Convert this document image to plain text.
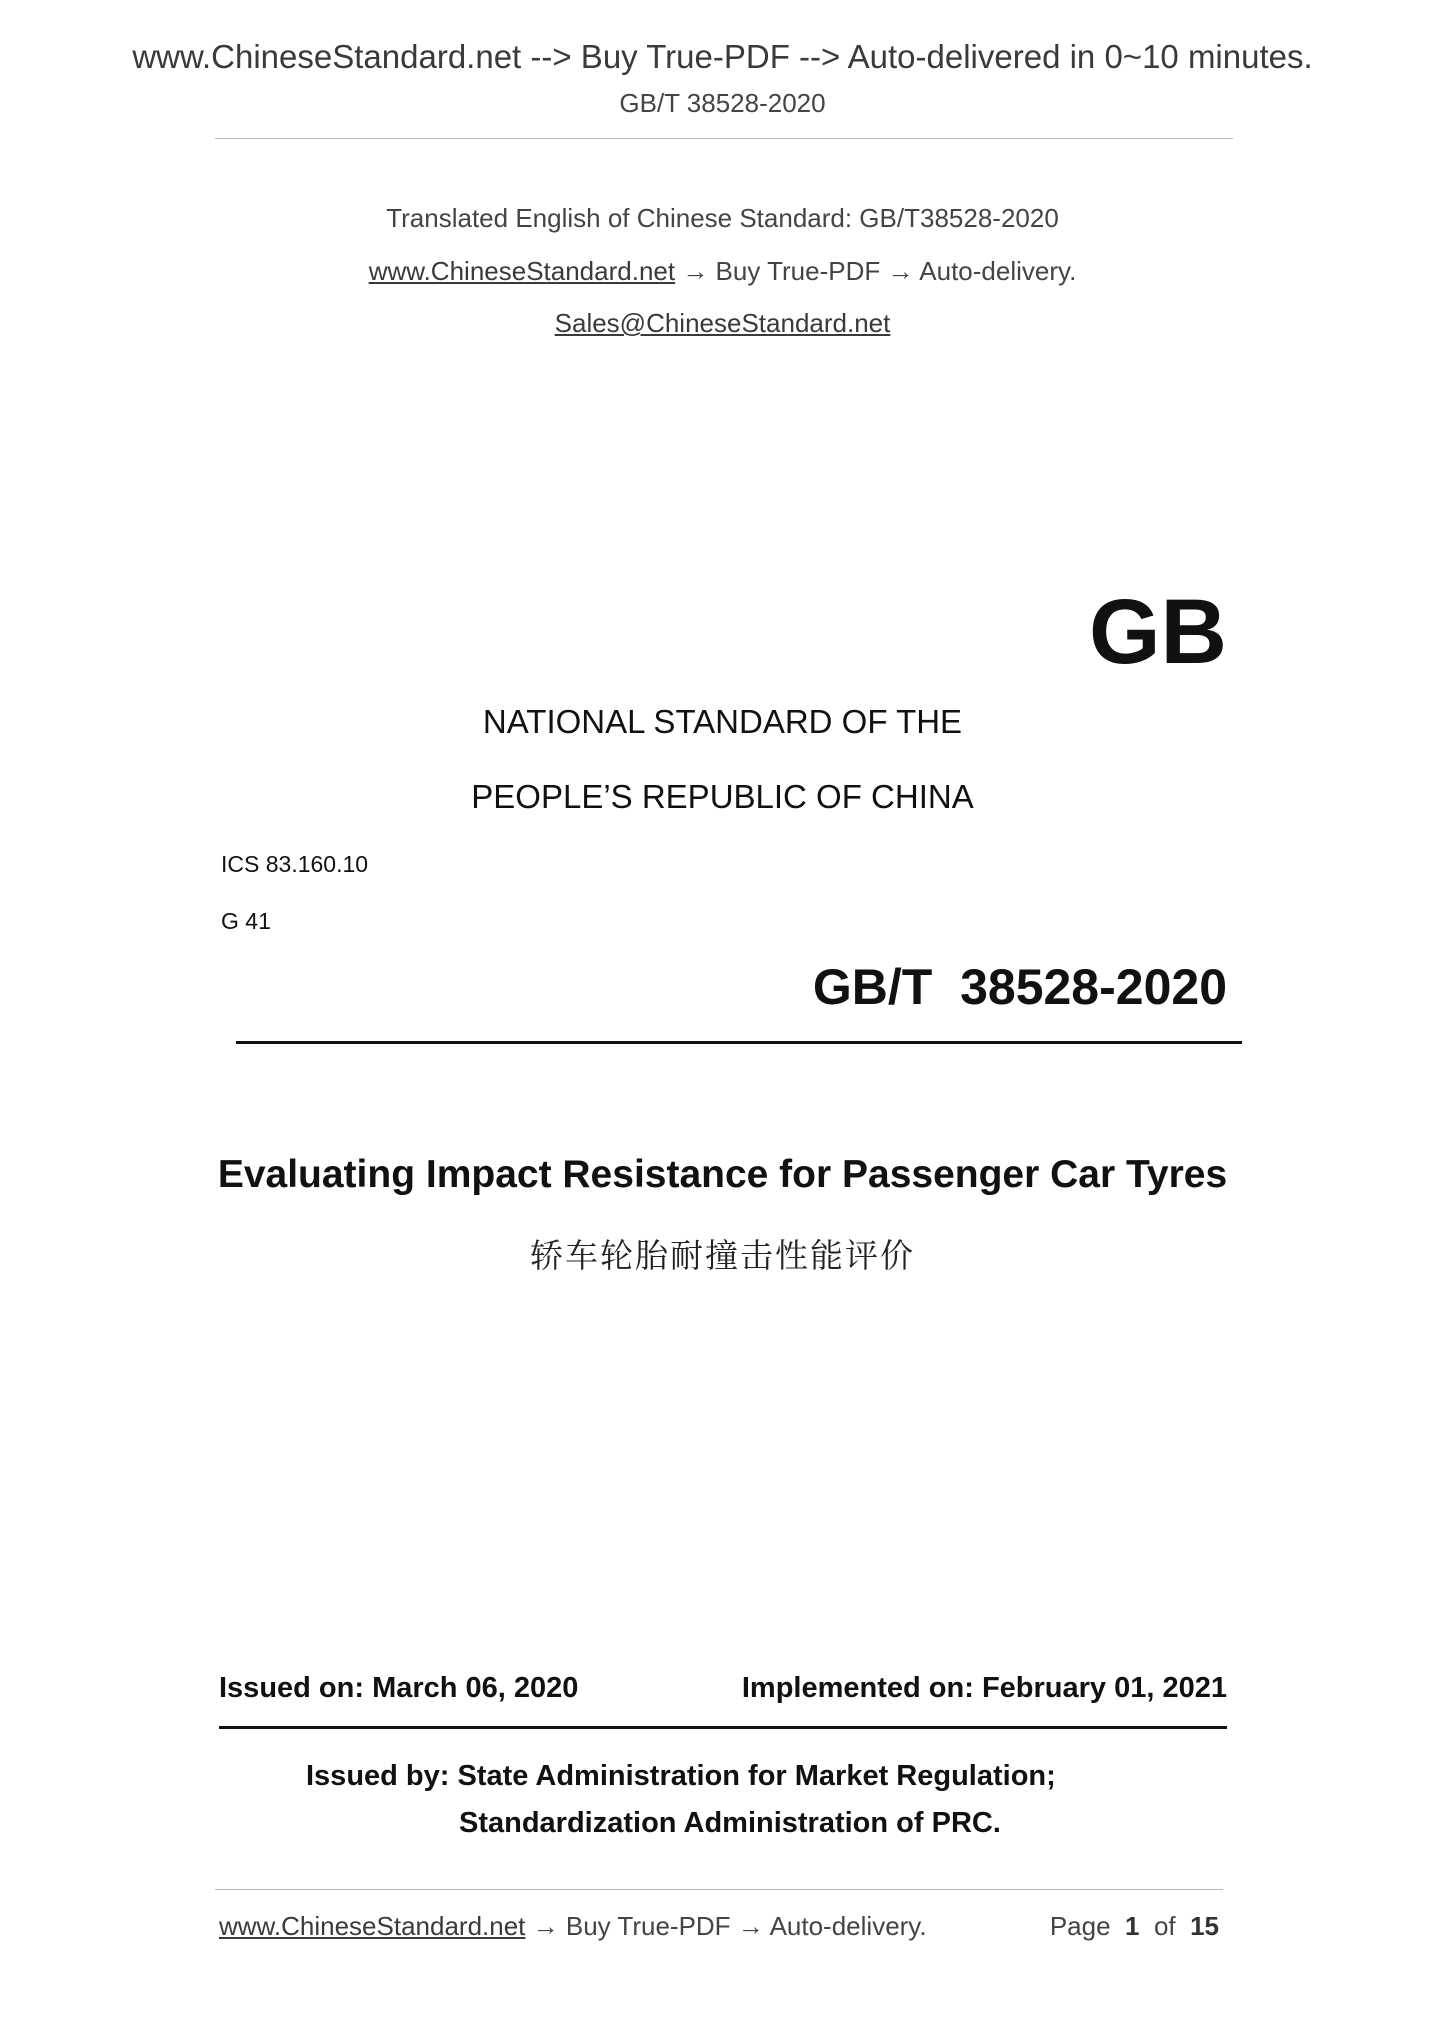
www.ChineseStandard.net --> Buy True-PDF --> Auto-delivered in 0~10 minutes.
GB/T 38528-2020
Translated English of Chinese Standard: GB/T38528-2020
www.ChineseStandard.net → Buy True-PDF → Auto-delivery.
Sales@ChineseStandard.net
GB
NATIONAL STANDARD OF THE
PEOPLE’S REPUBLIC OF CHINA
ICS 83.160.10
G 41
GB/T  38528-2020
Evaluating Impact Resistance for Passenger Car Tyres
轿车轮胎耐撞击性能评价
Issued on: March 06, 2020	Implemented on: February 01, 2021
Issued by: State Administration for Market Regulation;
Standardization Administration of PRC.
www.ChineseStandard.net → Buy True-PDF → Auto-delivery.	Page 1 of 15
